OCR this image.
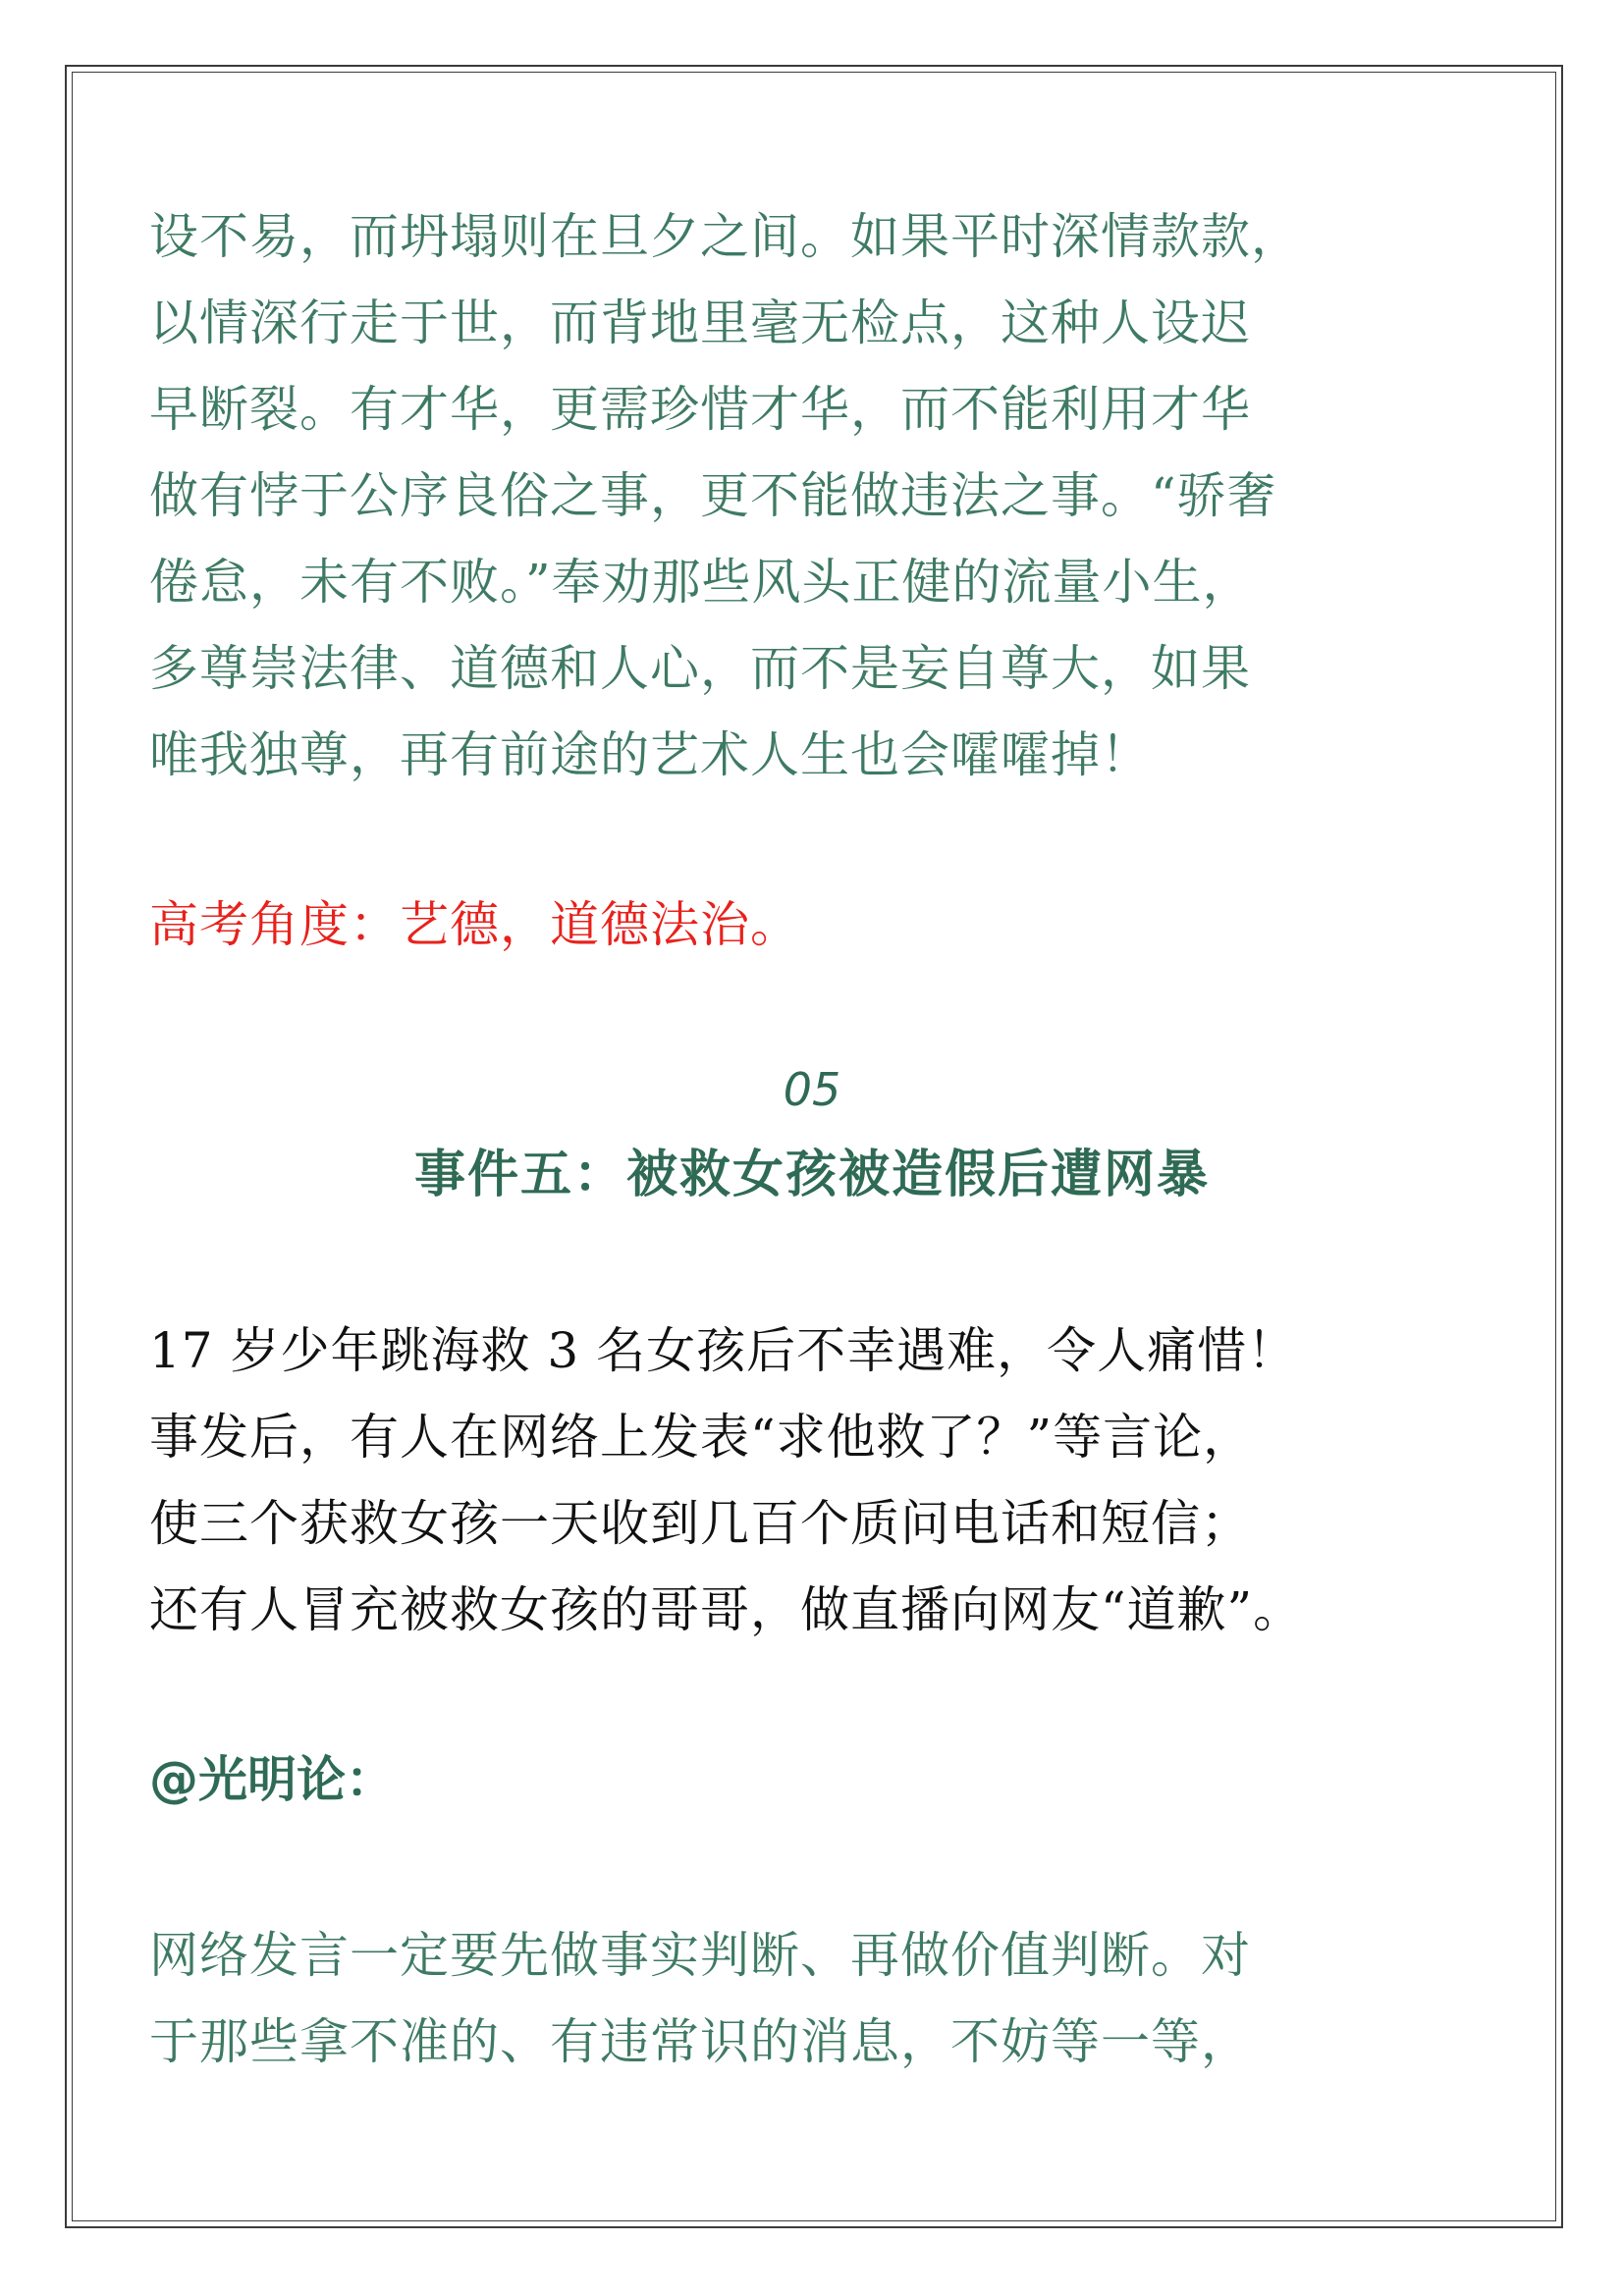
设不易，而坍塌则在旦夕之间。如果平时深情款款，
以情深行走于世，而背地里毫无检点，这种人设迟
早断裂。有才华，更需珍惜才华，而不能利用才华
做有悖于公序良俗之事，更不能做违法之事。“骄奢
倦怠，未有不败。”奉劝那些风头正健的流量小生，
多尊崇法律、道德和人心，而不是妄自尊大，如果
唯我独尊，再有前途的艺术人生也会嚯嚯掉！
高考角度：艺德，道德法治。
05
事件五：被救女孩被造假后遭网暴
17 岁少年跳海救 3 名女孩后不幸遇难，令人痛惜！
事发后，有人在网络上发表“求他救了？”等言论，
使三个获救女孩一天收到几百个质问电话和短信；
还有人冒充被救女孩的哥哥，做直播向网友“道歉”。
@光明论：
网络发言一定要先做事实判断、再做价值判断。对
于那些拿不准的、有违常识的消息，不妨等一等，
